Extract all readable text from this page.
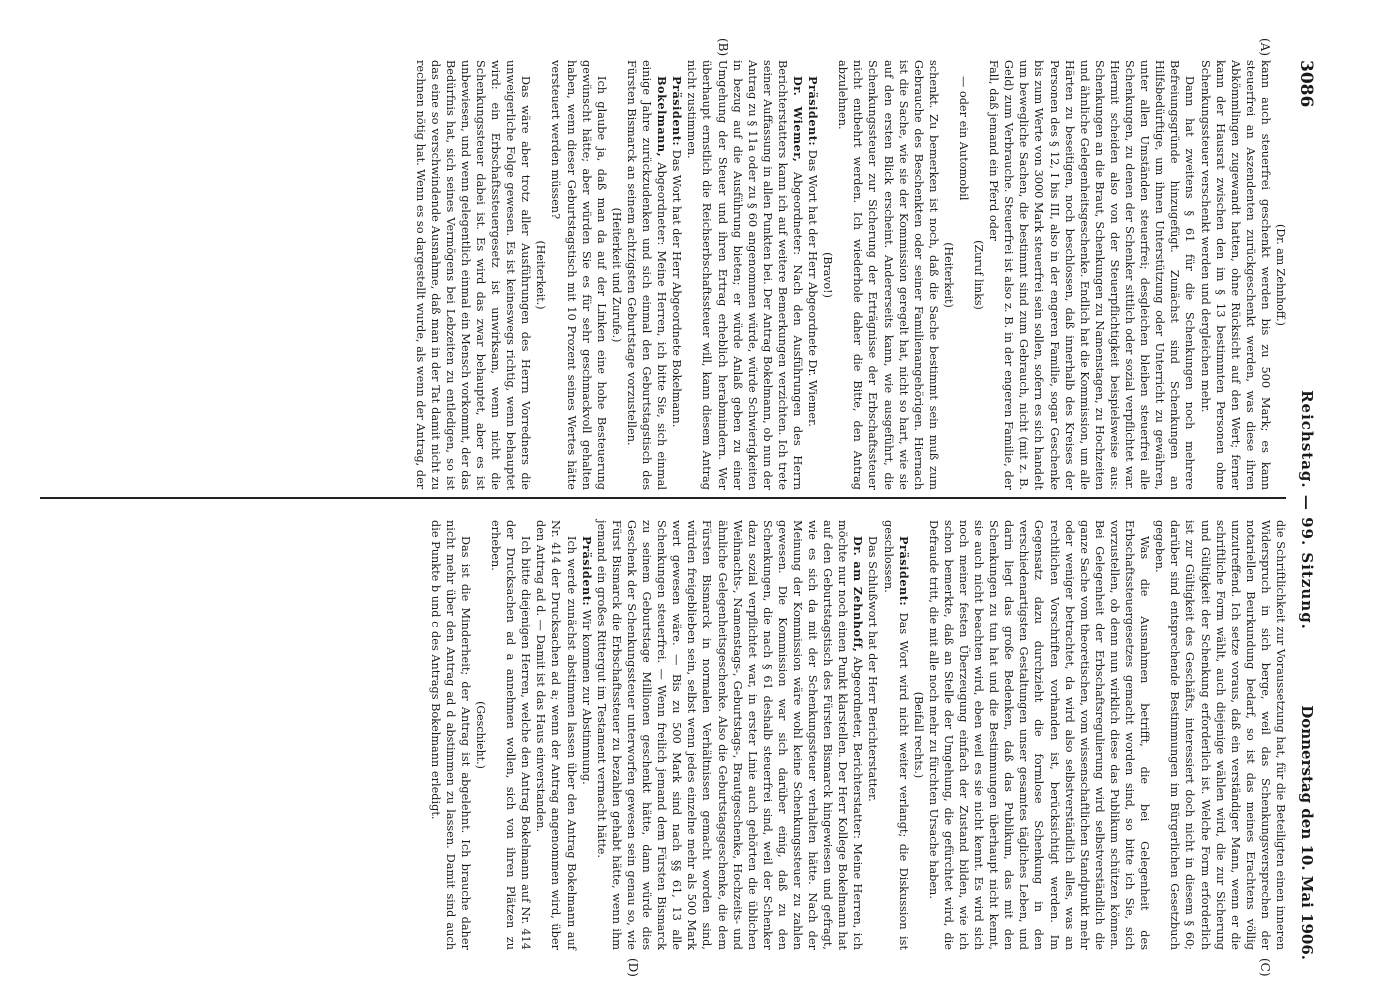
3086
Reichstag. — 99. Sitzung.
Donnerstag den 10. Mai 1906.
(A)
(B)
(C)
(D)

(Dr. am Zehnhoff.)

kann auch steuerfrei geschenkt werden bis zu 500 Mark; es kann steuerfrei an Aszendenten zurückgeschenkt werden, was diese ihren Abkömmlingen zugewandt hatten, ohne Rücksicht auf den Wert; ferner kann der Hausrat zwischen den im § 13 bestimmten Personen ohne Schenkungssteuer verschenkt werden und dergleichen mehr.

Dann hat zweitens § 61 für die Schenkungen noch mehrere Befreiungsgründe hinzugefügt. Zunächst sind Schenkungen an Hilfsbedürftige, um ihnen Unterstützung oder Unterricht zu gewähren, unter allen Umständen steuerfrei; desgleichen bleiben steuerfrei alle Schenkungen, zu denen der Schenker sittlich oder sozial verpflichtet war. Hiermit scheiden also von der Steuerpflichtigkeit beispielsweise aus: Schenkungen an die Braut, Schenkungen zu Namenstagen, zu Hochzeiten und ähnliche Gelegenheitsgeschenke. Endlich hat die Kommission, um alle Härten zu beseitigen, noch beschlossen, daß innerhalb des Kreises der Personen des § 12, I bis III, also in der engeren Familie, sogar Geschenke bis zum Werte von 3000 Mark steuerfrei sein sollen, sofern es sich handelt um bewegliche Sachen, die bestimmt sind zum Gebrauch, nicht (mit z. B. Geld) zum Verbrauche. Steuerfrei ist also z. B. in der engeren Familie, der Fall, daß jemand ein Pferd oder

(Zuruf links)

— oder ein Automobil

(Heiterkeit)

schenkt. Zu bemerken ist noch, daß die Sache bestimmt sein muß zum Gebrauche des Beschenkten oder seiner Familienangehörigen. Hiernach ist die Sache, wie sie der Kommission geregelt hat, nicht so hart, wie sie auf den ersten Blick erscheint. Andererseits kann, wie ausgeführt, die Schenkungssteuer zur Sicherung der Erträgnisse der Erbschaftssteuer nicht entbehrt werden. Ich wiederhole daher die Bitte, den Antrag abzulehnen.

(Bravo!)

Präsident: Das Wort hat der Herr Abgeordnete Dr. Wiemer.

Dr. Wiemer, Abgeordneter: Nach den Ausführungen des Herrn Berichterstatters kann ich auf weitere Bemerkungen verzichten. Ich trete seiner Auffassung in allen Punkten bei. Der Antrag Bokelmann, ob nun der Antrag zu § 11a oder zu § 60 angenommen würde, würde Schwierigkeiten in bezug auf die Ausführung bieten; er würde Anlaß geben zu einer Umgehung der Steuer und ihren Ertrag erheblich herabmindern. Wer überhaupt ernstlich die Reichserbschaftssteuer will, kann diesem Antrag nicht zustimmen.

Präsident: Das Wort hat der Herr Abgeordnete Bokelmann.

Bokelmann, Abgeordneter: Meine Herren, ich bitte Sie, sich einmal einige Jahre zurückzudenken und sich einmal den Geburtstagstisch des Fürsten Bismarck an seinem achtzigsten Geburtstage vorzustellen.

(Heiterkeit und Zurufe.)

Ich glaube ja, daß man da auf der Linken eine hohe Besteuerung gewünscht hätte; aber würden Sie es für sehr geschmackvoll gehalten haben, wenn dieser Geburtstagstisch mit 10 Prozent seines Wertes hätte versteuert werden müssen?

(Heiterkeit.)

Das wäre aber trotz aller Ausführungen des Herrn Vorredners die unweigerliche Folge gewesen. Es ist keineswegs richtig, wenn behauptet wird: ein Erbschaftssteuergesetz ist unwirksam, wenn nicht die Schenkungssteuer dabei ist. Es wird das zwar behauptet, aber es ist unbewiesen, und wenn gelegentlich einmal ein Mensch vorkommt, der das Bedürfnis hat, sich seines Vermögens bei Lebzeiten zu entledigen, so ist das eine so verschwindende Ausnahme, daß man in der Tat damit nicht zu rechnen nötig hat. Wenn es so dargestellt wurde, als wenn der Antrag, der

die Schriftlichkeit zur Voraussetzung hat, für die Beteiligten einen inneren Widerspruch in sich berge, weil das Schenkungsversprechen der notariellen Beurkundung bedarf, so ist das meines Erachtens völlig unzutreffend. Ich setze voraus, daß ein verständiger Mann, wenn er die schriftliche Form wählt, auch diejenige wählen wird, die zur Sicherung und Gültigkeit der Schenkung erforderlich ist. Welche Form erforderlich ist zur Gültigkeit des Geschäfts, interessiert doch nicht in diesem § 60; darüber sind entsprechende Bestimmungen im Bürgerlichen Gesetzbuch gegeben.

Was die Ausnahmen betrifft, die bei Gelegenheit des Erbschaftssteuergesetzes gemacht worden sind, so bitte ich Sie, sich vorzustellen, ob denn nun wirklich diese das Publikum schützen können. Bei Gelegenheit der Erbschaftsregulierung wird selbstverständlich die ganze Sache vom theoretischen, vom wissenschaftlichen Standpunkt mehr oder weniger betrachtet, da wird also selbstverständlich alles, was an rechtlichen Vorschriften vorhanden ist, berücksichtigt werden. Im Gegensatz dazu durchzieht die formlose Schenkung in den verschiedenartigsten Gestaltungen unser gesamtes tägliches Leben, und darin liegt das große Bedenken, daß das Publikum, das mit den Schenkungen zu tun hat und die Bestimmungen überhaupt nicht kennt, sie auch nicht beachten wird, eben weil es sie nicht kennt. Es wird sich noch meiner festen Überzeugung einfach der Zustand bilden, wie ich schon bemerkte, daß an Stelle der Umgehung, die gefürchtet wird, die Defraude tritt, die mit alle noch mehr zu fürchten Ursache haben.

(Beifall rechts.)

Präsident: Das Wort wird nicht weiter verlangt; die Diskussion ist geschlossen.

Das Schlußwort hat der Herr Berichterstatter.

Dr. am Zehnhoff, Abgeordneter, Berichterstatter: Meine Herren, ich möchte nur noch einen Punkt klarstellen. Der Herr Kollege Bokelmann hat auf den Geburtstagstisch des Fürsten Bismarck hingewiesen und gefragt, wie es sich da mit der Schenkungssteuer verhalten hätte. Nach der Meinung der Kommission wäre wohl keine Schenkungssteuer zu zahlen gewesen. Die Kommission war sich darüber einig, daß zu den Schenkungen, die nach § 61 deshalb steuerfrei sind, weil der Schenker dazu sozial verpflichtet war, in erster Linie auch gehörten die üblichen Weihnachts-, Namenstags-, Geburtstags-, Brautgeschenke, Hochzeits- und ähnliche Gelegenheitsgeschenke. Also die Geburtstagsgeschenke, die dem Fürsten Bismarck in normalen Verhältnissen gemacht worden sind, würden freigeblieben sein, selbst wenn jedes einzelne mehr als 500 Mark wert gewesen wäre. — Bis zu 500 Mark sind nach §§ 61, 13 alle Schenkungen steuerfrei. — Wenn freilich jemand dem Fürsten Bismarck zu seinem Geburtstage Millionen geschenkt hätte, dann würde dies Geschenk der Schenkungssteuer unterworfen gewesen sein genau so, wie Fürst Bismarck die Erbschaftssteuer zu bezahlen gehabt hätte, wenn ihm jemand ein großes Rittergut im Testament vermacht hätte.

Präsident: Wir kommen zur Abstimmung.

Ich werde zunächst abstimmen lassen über den Antrag Bokelmann auf Nr. 414 der Drucksachen ad a; wenn der Antrag angenommen wird, über den Antrag ad d. — Damit ist das Haus einverstanden.

Ich bitte diejenigen Herren, welche den Antrag Bokelmann auf Nr. 414 der Drucksachen ad a annehmen wollen, sich von ihren Plätzen zu erheben.

(Geschieht.)

Das ist die Minderheit; der Antrag ist abgelehnt. Ich brauche daher nicht mehr über den Antrag ad d abstimmen zu lassen. Damit sind auch die Punkte b und c des Antrags Bokelmann erledigt.
